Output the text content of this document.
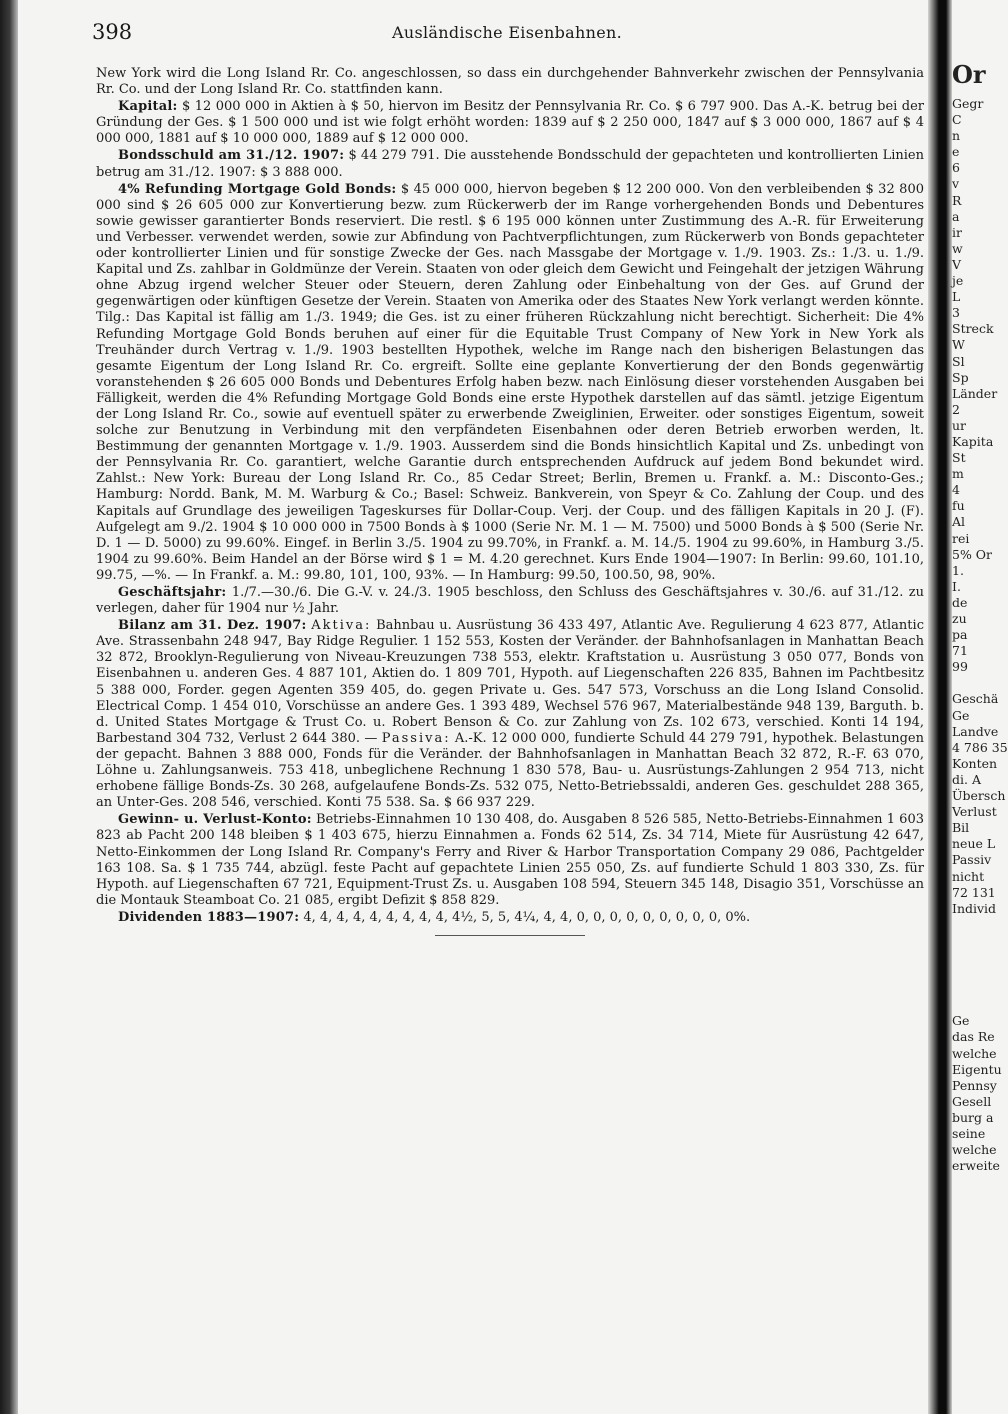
398	Ausländische Eisenbahnen.

New York wird die Long Island Rr. Co. angeschlossen, so dass ein durchgehender Bahnverkehr zwischen der Pennsylvania Rr. Co. und der Long Island Rr. Co. stattfinden kann.

Kapital: $ 12 000 000 in Aktien à $ 50, hiervon im Besitz der Pennsylvania Rr. Co. $ 6 797 900. Das A.-K. betrug bei der Gründung der Ges. $ 1 500 000 und ist wie folgt erhöht worden: 1839 auf $ 2 250 000, 1847 auf $ 3 000 000, 1867 auf $ 4 000 000, 1881 auf $ 10 000 000, 1889 auf $ 12 000 000.

Bondsschuld am 31./12. 1907: $ 44 279 791. Die ausstehende Bondsschuld der gepachteten und kontrollierten Linien betrug am 31./12. 1907: $ 3 888 000.

4% Refunding Mortgage Gold Bonds: $ 45 000 000, hiervon begeben $ 12 200 000. Von den verbleibenden $ 32 800 000 sind $ 26 605 000 zur Konvertierung bezw. zum Rückerwerb der im Range vorhergehenden Bonds und Debentures sowie gewisser garantierter Bonds reserviert. Die restl. $ 6 195 000 können unter Zustimmung des A.-R. für Erweiterung und Verbesser. verwendet werden, sowie zur Abfindung von Pachtverpflichtungen, zum Rückerwerb von Bonds gepachteter oder kontrollierter Linien und für sonstige Zwecke der Ges. nach Massgabe der Mortgage v. 1./9. 1903. Zs.: 1./3. u. 1./9. Kapital und Zs. zahlbar in Goldmünze der Verein. Staaten von oder gleich dem Gewicht und Feingehalt der jetzigen Währung ohne Abzug irgend welcher Steuer oder Steuern, deren Zahlung oder Einbehaltung von der Ges. auf Grund der gegenwärtigen oder künftigen Gesetze der Verein. Staaten von Amerika oder des Staates New York verlangt werden könnte. Tilg.: Das Kapital ist fällig am 1./3. 1949; die Ges. ist zu einer früheren Rückzahlung nicht berechtigt. Sicherheit: Die 4% Refunding Mortgage Gold Bonds beruhen auf einer für die Equitable Trust Company of New York in New York als Treuhänder durch Vertrag v. 1./9. 1903 bestellten Hypothek, welche im Range nach den bisherigen Belastungen das gesamte Eigentum der Long Island Rr. Co. ergreift. Sollte eine geplante Konvertierung der den Bonds gegenwärtig voranstehenden $ 26 605 000 Bonds und Debentures Erfolg haben bezw. nach Einlösung dieser vorstehenden Ausgaben bei Fälligkeit, werden die 4% Refunding Mortgage Gold Bonds eine erste Hypothek darstellen auf das sämtl. jetzige Eigentum der Long Island Rr. Co., sowie auf eventuell später zu erwerbende Zweiglinien, Erweiter. oder sonstiges Eigentum, soweit solche zur Benutzung in Verbindung mit den verpfändeten Eisenbahnen oder deren Betrieb erworben werden, lt. Bestimmung der genannten Mortgage v. 1./9. 1903. Ausserdem sind die Bonds hinsichtlich Kapital und Zs. unbedingt von der Pennsylvania Rr. Co. garantiert, welche Garantie durch entsprechenden Aufdruck auf jedem Bond bekundet wird. Zahlst.: New York: Bureau der Long Island Rr. Co., 85 Cedar Street; Berlin, Bremen u. Frankf. a. M.: Disconto-Ges.; Hamburg: Nordd. Bank, M. M. Warburg & Co.; Basel: Schweiz. Bankverein, von Speyr & Co. Zahlung der Coup. und des Kapitals auf Grundlage des jeweiligen Tageskurses für Dollar-Coup. Verj. der Coup. und des fälligen Kapitals in 20 J. (F). Aufgelegt am 9./2. 1904 $ 10 000 000 in 7500 Bonds à $ 1000 (Serie Nr. M. 1 — M. 7500) und 5000 Bonds à $ 500 (Serie Nr. D. 1 — D. 5000) zu 99.60%. Eingef. in Berlin 3./5. 1904 zu 99.70%, in Frankf. a. M. 14./5. 1904 zu 99.60%, in Hamburg 3./5. 1904 zu 99.60%. Beim Handel an der Börse wird $ 1 = M. 4.20 gerechnet. Kurs Ende 1904—1907: In Berlin: 99.60, 101.10, 99.75, —%. — In Frankf. a. M.: 99.80, 101, 100, 93%. — In Hamburg: 99.50, 100.50, 98, 90%.

Geschäftsjahr: 1./7.—30./6. Die G.-V. v. 24./3. 1905 beschloss, den Schluss des Geschäftsjahres v. 30./6. auf 31./12. zu verlegen, daher für 1904 nur ½ Jahr.

Bilanz am 31. Dez. 1907: Aktiva: Bahnbau u. Ausrüstung 36 433 497, Atlantic Ave. Regulierung 4 623 877, Atlantic Ave. Strassenbahn 248 947, Bay Ridge Regulier. 1 152 553, Kosten der Veränder. der Bahnhofsanlagen in Manhattan Beach 32 872, Brooklyn-Regulierung von Niveau-Kreuzungen 738 553, elektr. Kraftstation u. Ausrüstung 3 050 077, Bonds von Eisenbahnen u. anderen Ges. 4 887 101, Aktien do. 1 809 701, Hypoth. auf Liegenschaften 226 835, Bahnen im Pachtbesitz 5 388 000, Forder. gegen Agenten 359 405, do. gegen Private u. Ges. 547 573, Vorschuss an die Long Island Consolid. Electrical Comp. 1 454 010, Vorschüsse an andere Ges. 1 393 489, Wechsel 576 967, Materialbestände 948 139, Barguth. b. d. United States Mortgage & Trust Co. u. Robert Benson & Co. zur Zahlung von Zs. 102 673, verschied. Konti 14 194, Barbestand 304 732, Verlust 2 644 380. — Passiva: A.-K. 12 000 000, fundierte Schuld 44 279 791, hypothek. Belastungen der gepacht. Bahnen 3 888 000, Fonds für die Veränder. der Bahnhofsanlagen in Manhattan Beach 32 872, R.-F. 63 070, Löhne u. Zahlungsanweis. 753 418, unbeglichene Rechnung 1 830 578, Bau- u. Ausrüstungs-Zahlungen 2 954 713, nicht erhobene fällige Bonds-Zs. 30 268, aufgelaufene Bonds-Zs. 532 075, Netto-Betriebssaldi, anderen Ges. geschuldet 288 365, an Unter-Ges. 208 546, verschied. Konti 75 538. Sa. $ 66 937 229.

Gewinn- u. Verlust-Konto: Betriebs-Einnahmen 10 130 408, do. Ausgaben 8 526 585, Netto-Betriebs-Einnahmen 1 603 823 ab Pacht 200 148 bleiben $ 1 403 675, hierzu Einnahmen a. Fonds 62 514, Zs. 34 714, Miete für Ausrüstung 42 647, Netto-Einkommen der Long Island Rr. Company's Ferry and River & Harbor Transportation Company 29 086, Pachtgelder 163 108. Sa. $ 1 735 744, abzügl. feste Pacht auf gepachtete Linien 255 050, Zs. auf fundierte Schuld 1 803 330, Zs. für Hypoth. auf Liegenschaften 67 721, Equipment-Trust Zs. u. Ausgaben 108 594, Steuern 345 148, Disagio 351, Vorschüsse an die Montauk Steamboat Co. 21 085, ergibt Defizit $ 858 829.

Dividenden 1883—1907: 4, 4, 4, 4, 4, 4, 4, 4, 4, 4½, 5, 5, 4¼, 4, 4, 0, 0, 0, 0, 0, 0, 0, 0, 0, 0%.

Or
Gegr
C
n
e
6
v
R
a
ir
w
V
je
L
3
Streck
W
Sl
Sp
Länder
2
ur
Kapita
St
m
4
fu
Al
rei
5% Or
1.
I.
de
zu
pa
71
99
Geschä
Ge
Landve
4 786 35
Konten
di. A
Übersch
Verlust
Bil
neue L
Passiv
nicht
72 131
Individ
Ge
das Re
welche
Eigentu
Pennsy
Gesell
burg a
seine
welche
erweite
